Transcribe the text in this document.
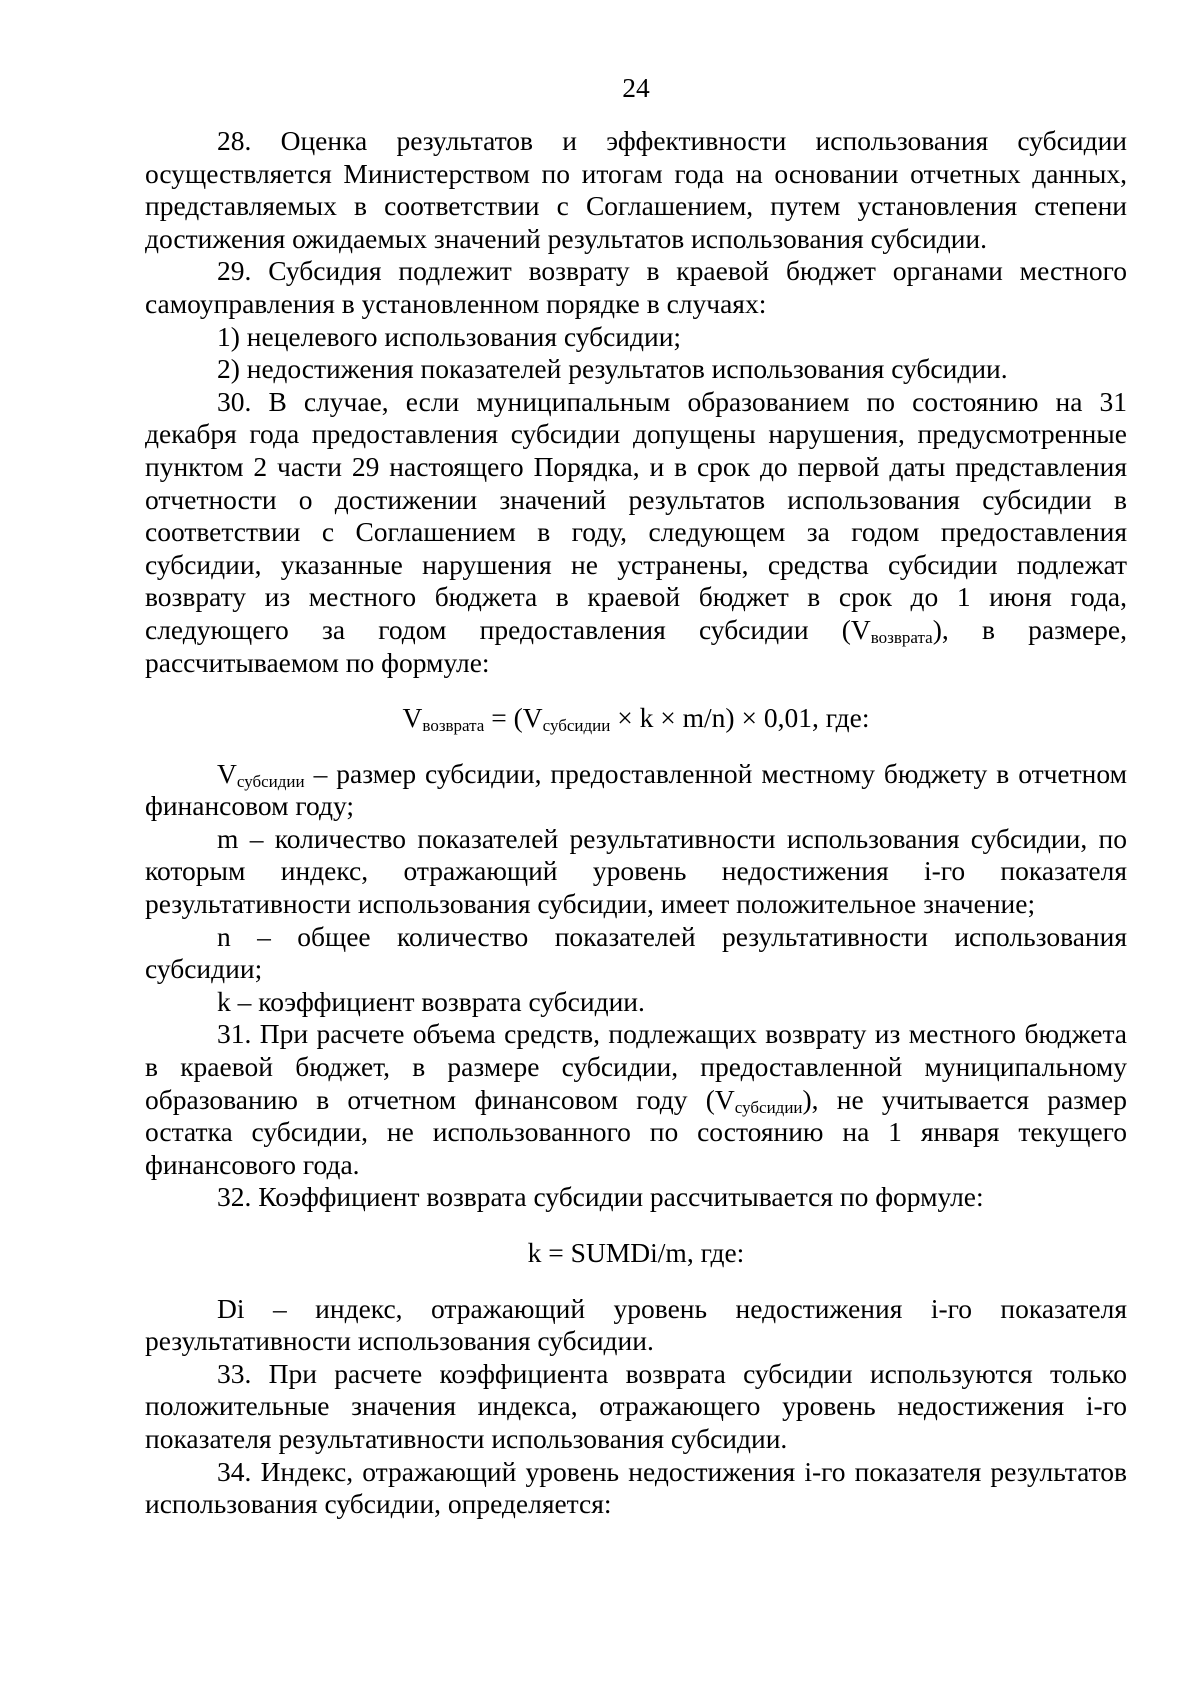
24

28. Оценка результатов и эффективности использования субсидии осуществляется Министерством по итогам года на основании отчетных данных, представляемых в соответствии с Соглашением, путем установления степени достижения ожидаемых значений результатов использования субсидии.

29. Субсидия подлежит возврату в краевой бюджет органами местного самоуправления в установленном порядке в случаях:

1) нецелевого использования субсидии;

2) недостижения показателей результатов использования субсидии.

30. В случае, если муниципальным образованием по состоянию на 31 декабря года предоставления субсидии допущены нарушения, предусмотренные пунктом 2 части 29 настоящего Порядка, и в срок до первой даты представления отчетности о достижении значений результатов использования субсидии в соответствии с Соглашением в году, следующем за годом предоставления субсидии, указанные нарушения не устранены, средства субсидии подлежат возврату из местного бюджета в краевой бюджет в срок до 1 июня года, следующего за годом предоставления субсидии $(V_{возврата})$, в размере, рассчитываемом по формуле:

$V_{возврата} = (V_{субсидии} \times k \times m/n) \times 0,01$, где:

$V_{субсидии}$ – размер субсидии, предоставленной местному бюджету в отчетном финансовом году;

m – количество показателей результативности использования субсидии, по которым индекс, отражающий уровень недостижения i-го показателя результативности использования субсидии, имеет положительное значение;

n – общее количество показателей результативности использования субсидии;

k – коэффициент возврата субсидии.

31. При расчете объема средств, подлежащих возврату из местного бюджета в краевой бюджет, в размере субсидии, предоставленной муниципальному образованию в отчетном финансовом году $(V_{субсидии})$, не учитывается размер остатка субсидии, не использованного по состоянию на 1 января текущего финансового года.

32. Коэффициент возврата субсидии рассчитывается по формуле:

k = SUMDi/m, где:

Di – индекс, отражающий уровень недостижения i-го показателя результативности использования субсидии.

33. При расчете коэффициента возврата субсидии используются только положительные значения индекса, отражающего уровень недостижения i-го показателя результативности использования субсидии.

34. Индекс, отражающий уровень недостижения i-го показателя результатов использования субсидии, определяется:
